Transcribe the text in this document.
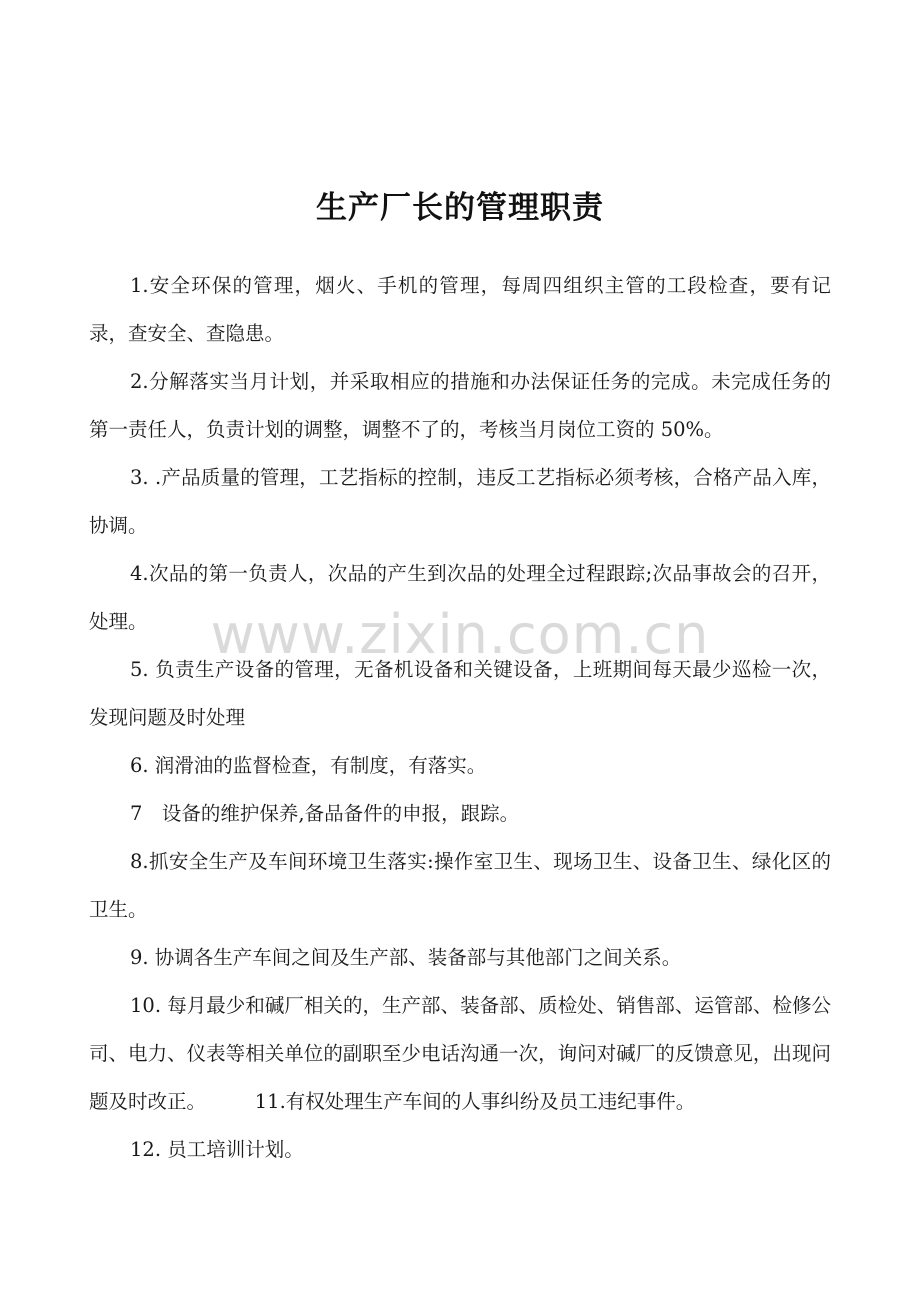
生产厂长的管理职责

1.安全环保的管理，烟火、手机的管理，每周四组织主管的工段检查，要有记录，查安全、查隐患。

2.分解落实当月计划，并采取相应的措施和办法保证任务的完成。未完成任务的第一责任人，负责计划的调整，调整不了的，考核当月岗位工资的 50%。

3. .产品质量的管理，工艺指标的控制，违反工艺指标必须考核，合格产品入库，协调。

4.次品的第一负责人，次品的产生到次品的处理全过程跟踪;次品事故会的召开，处理。

5. 负责生产设备的管理，无备机设备和关键设备，上班期间每天最少巡检一次，发现问题及时处理

6. 润滑油的监督检查，有制度，有落实。

7　设备的维护保养,备品备件的申报，跟踪。

8.抓安全生产及车间环境卫生落实:操作室卫生、现场卫生、设备卫生、绿化区的卫生。

9. 协调各生产车间之间及生产部、装备部与其他部门之间关系。

10. 每月最少和碱厂相关的，生产部、装备部、质检处、销售部、运管部、检修公司、电力、仪表等相关单位的副职至少电话沟通一次，询问对碱厂的反馈意见，出现问题及时改正。　　　11.有权处理生产车间的人事纠纷及员工违纪事件。

12. 员工培训计划。

www.zixin.com.cn
